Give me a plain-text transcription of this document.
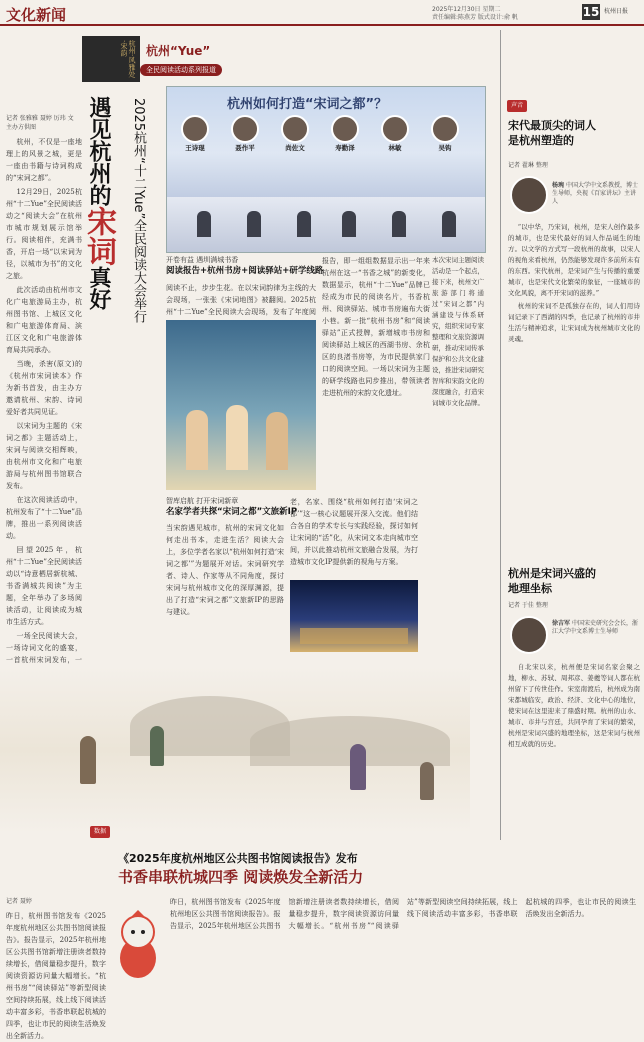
文化新闻	2025年12月30日 星期二
责任编辑:陈燕芳 版式设计:俞 帆	15 杭州日报
杭州·风雅处·宋韵	杭州“Yue”
全民阅读活动系列报道
记者 张雅雅 聂婷 厉玮 文 主办方供图

杭州，不仅是一座地理上的风景之城，更是一座由书籍与诗词构成的“宋词之都”。

12月29日，2025杭州“十二Yue”全民阅读活动之“阅读大会”在杭州市城市规划展示馆举行。阅读相伴，充满书香，开启一场“以宋词为径，以城市为书”的文化之旅。

此次活动由杭州市文化广电旅游局主办，杭州图书馆、上城区文化和广电旅游体育局、滨江区文化和广电旅游体育局共同承办。

当晚，杀害(原文)的《杭州市宋词读本》作为新书首发，由主办方邀请杭州、宋韵、诗词爱好者共同见证。

以宋词为主题的《宋词之都》主题活动上，宋词与阅读交相辉映，由杭州市文化和广电旅游局与杭州图书馆联合发布。

在这次阅读活动中，杭州发布了“十二Yue”品牌，推出一系列阅读活动。

回望2025年，杭州“十二Yue”全民阅读活动以“诗意栖居新杭城、书香满城共阅读”为主题，全年举办了多场阅读活动，让阅读成为城市生活方式。

一场全民阅读大会，一场诗词文化的盛宴，一首杭州宋词发布，一

遇见杭州的宋词真好 2025杭州“十二Yue”全民阅读大会举行	杭州如何打造“宋词之都”？
王诗琨	聂作平	尚佐文	寿勤泽	林敏	吴钩
开卷有益 遇圳满城书香
阅读报告+杭州书房+阅读驿站+研学线路
阅读不止，步步生花。在以宋词韵律为主线的大会现场，一张张《宋词地图》被翻阅。2025杭州“十二Yue”全民阅读大会现场，发布了年度阅
报告，即一组组数据显示出一年来杭州在这一“书香之城”的新变化，数据显示，杭州“十二Yue”品牌已经成为市民的阅读名片，书香杭州、阅读驿站、城市书房遍布大街小巷。新一批“杭州书房”和“阅读驿站”正式授牌，新增城市书房和阅读驿站上城区的西湖书房、余杭区的良渚书房等，为市民提供家门口的阅读空间。一场以宋词为主题的研学线路也同步推出，带领读者走进杭州的宋韵文化遗址。
本次宋词主题阅读活动是一个起点，接下来，杭州文广旅游部门将通过“宋词之都”内涵建设与体系研究，组织宋词专家整理和文旅资源调研，推动宋词传承保护和公共文化建设，推进宋词研究智库和宋韵文化的深度融合，打造宋词城市文化品牌。
智库启航 打开宋词新章
名家学者共探“宋词之都”文旅新IP
当宋韵遇见城市，杭州的宋词文化如何走出书本，走进生活？阅读大会上，多位学者名家以“杭州如何打造‘宋词之都’”为题展开对话。宋词研究学者、诗人、作家等从不同角度，探讨宋词与杭州城市文化的深厚渊源，提出了打造“宋词之都”文旅新IP的思路与建议。
老，名家、围绕“杭州如何打造‘宋词之都’”这一核心议题展开深入交流。他们结合各自的学术专长与实践经验，探讨如何让宋词的“活”化，从宋词文本走向城市空间，并以此推动杭州文旅融合发展，为打造城市文化IP提供新的视角与方案。
声音
宋代最顶尖的词人
是杭州塑造的
记者 翟琳 整理
杨琬 中国大学中文系教授，博士生导师，央视《百家讲坛》主讲人

“以中华，乃宋词，杭州，是宋人创作最多的城市，也是宋代最好的词人作品诞生的地方。以文学的方式写一段杭州的故事，以宋人的视角来看杭州，仍然能够发现许多前所未有的东西。宋代杭州，是宋词产生与传播的重要城市，也是宋代文化繁荣的象征，一座城市的文化风貌，离不开宋词的滋养。”

杭州的宋词不是孤独存在的，词人们用诗词记录下了西湖的四季，也记录了杭州的市井生活与精神追求，让宋词成为杭州城市文化的灵魂。

杭州是宋词兴盛的
地理坐标
记者 于佳 整理
徐吉军 中国宋史研究会会长，浙江大学中文系博士生导师

自北宋以来，杭州便是宋词名家会聚之地，柳永、苏轼、周邦彦、姜夔等词人都在杭州留下了传世佳作。宋室南渡后，杭州成为南宋都城临安，政治、经济、文化中心的地位，使宋词在这里迎来了鼎盛时期。杭州的山水、城市、市井与宫廷，共同孕育了宋词的繁荣，杭州是宋词兴盛的地理坐标，这是宋词与杭州相互成就的历史。

数据
《2025年度杭州地区公共图书馆阅读报告》发布
书香串联杭城四季 阅读焕发全新活力
记者 聂婷
昨日，杭州图书馆发布《2025年度杭州地区公共图书馆阅读报告》。报告显示，2025年杭州地区公共图书馆新增注册读者数持续增长，借阅量稳步提升，数字阅读资源访问量大幅增长。“杭州书房”“阅读驿站”等新型阅读空间持续拓展，线上线下阅读活动丰富多彩，书香串联起杭城的四季，也让市民的阅读生活焕发出全新活力。
昨日，杭州图书馆发布《2025年度杭州地区公共图书馆阅读报告》。报告显示，2025年杭州地区公共图书馆新增注册读者数持续增长，借阅量稳步提升，数字阅读资源访问量大幅增长。“杭州书房”“阅读驿站”等新型阅读空间持续拓展，线上线下阅读活动丰富多彩，书香串联起杭城的四季，也让市民的阅读生活焕发出全新活力。
